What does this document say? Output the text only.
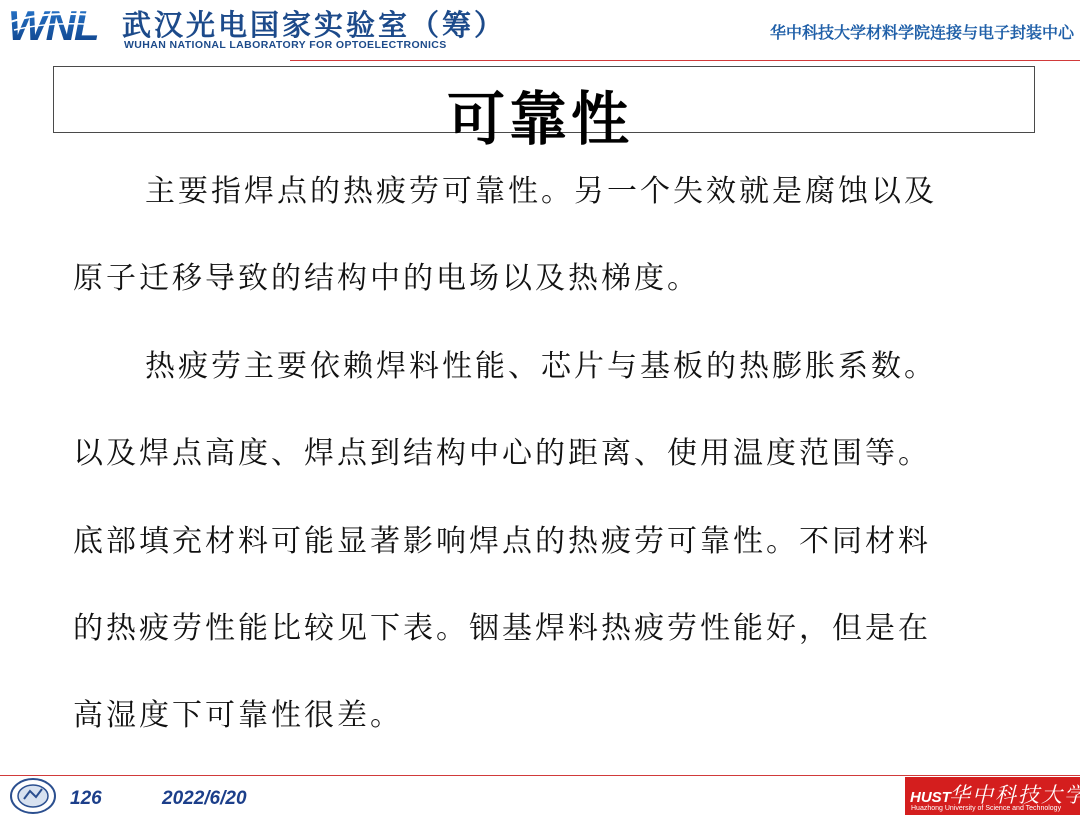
WNL 武汉光电国家实验室（筹）
WUHAN NATIONAL LABORATORY FOR OPTOELECTRONICS
华中科技大学材料学院连接与电子封装中心
可靠性
主要指焊点的热疲劳可靠性。另一个失效就是腐蚀以及
原子迁移导致的结构中的电场以及热梯度。
热疲劳主要依赖焊料性能、芯片与基板的热膨胀系数。
以及焊点高度、焊点到结构中心的距离、使用温度范围等。
底部填充材料可能显著影响焊点的热疲劳可靠性。不同材料
的热疲劳性能比较见下表。铟基焊料热疲劳性能好，但是在
高湿度下可靠性很差。
126	2022/6/20	HUST
华中科技大学
Huazhong University of Science and Technology
